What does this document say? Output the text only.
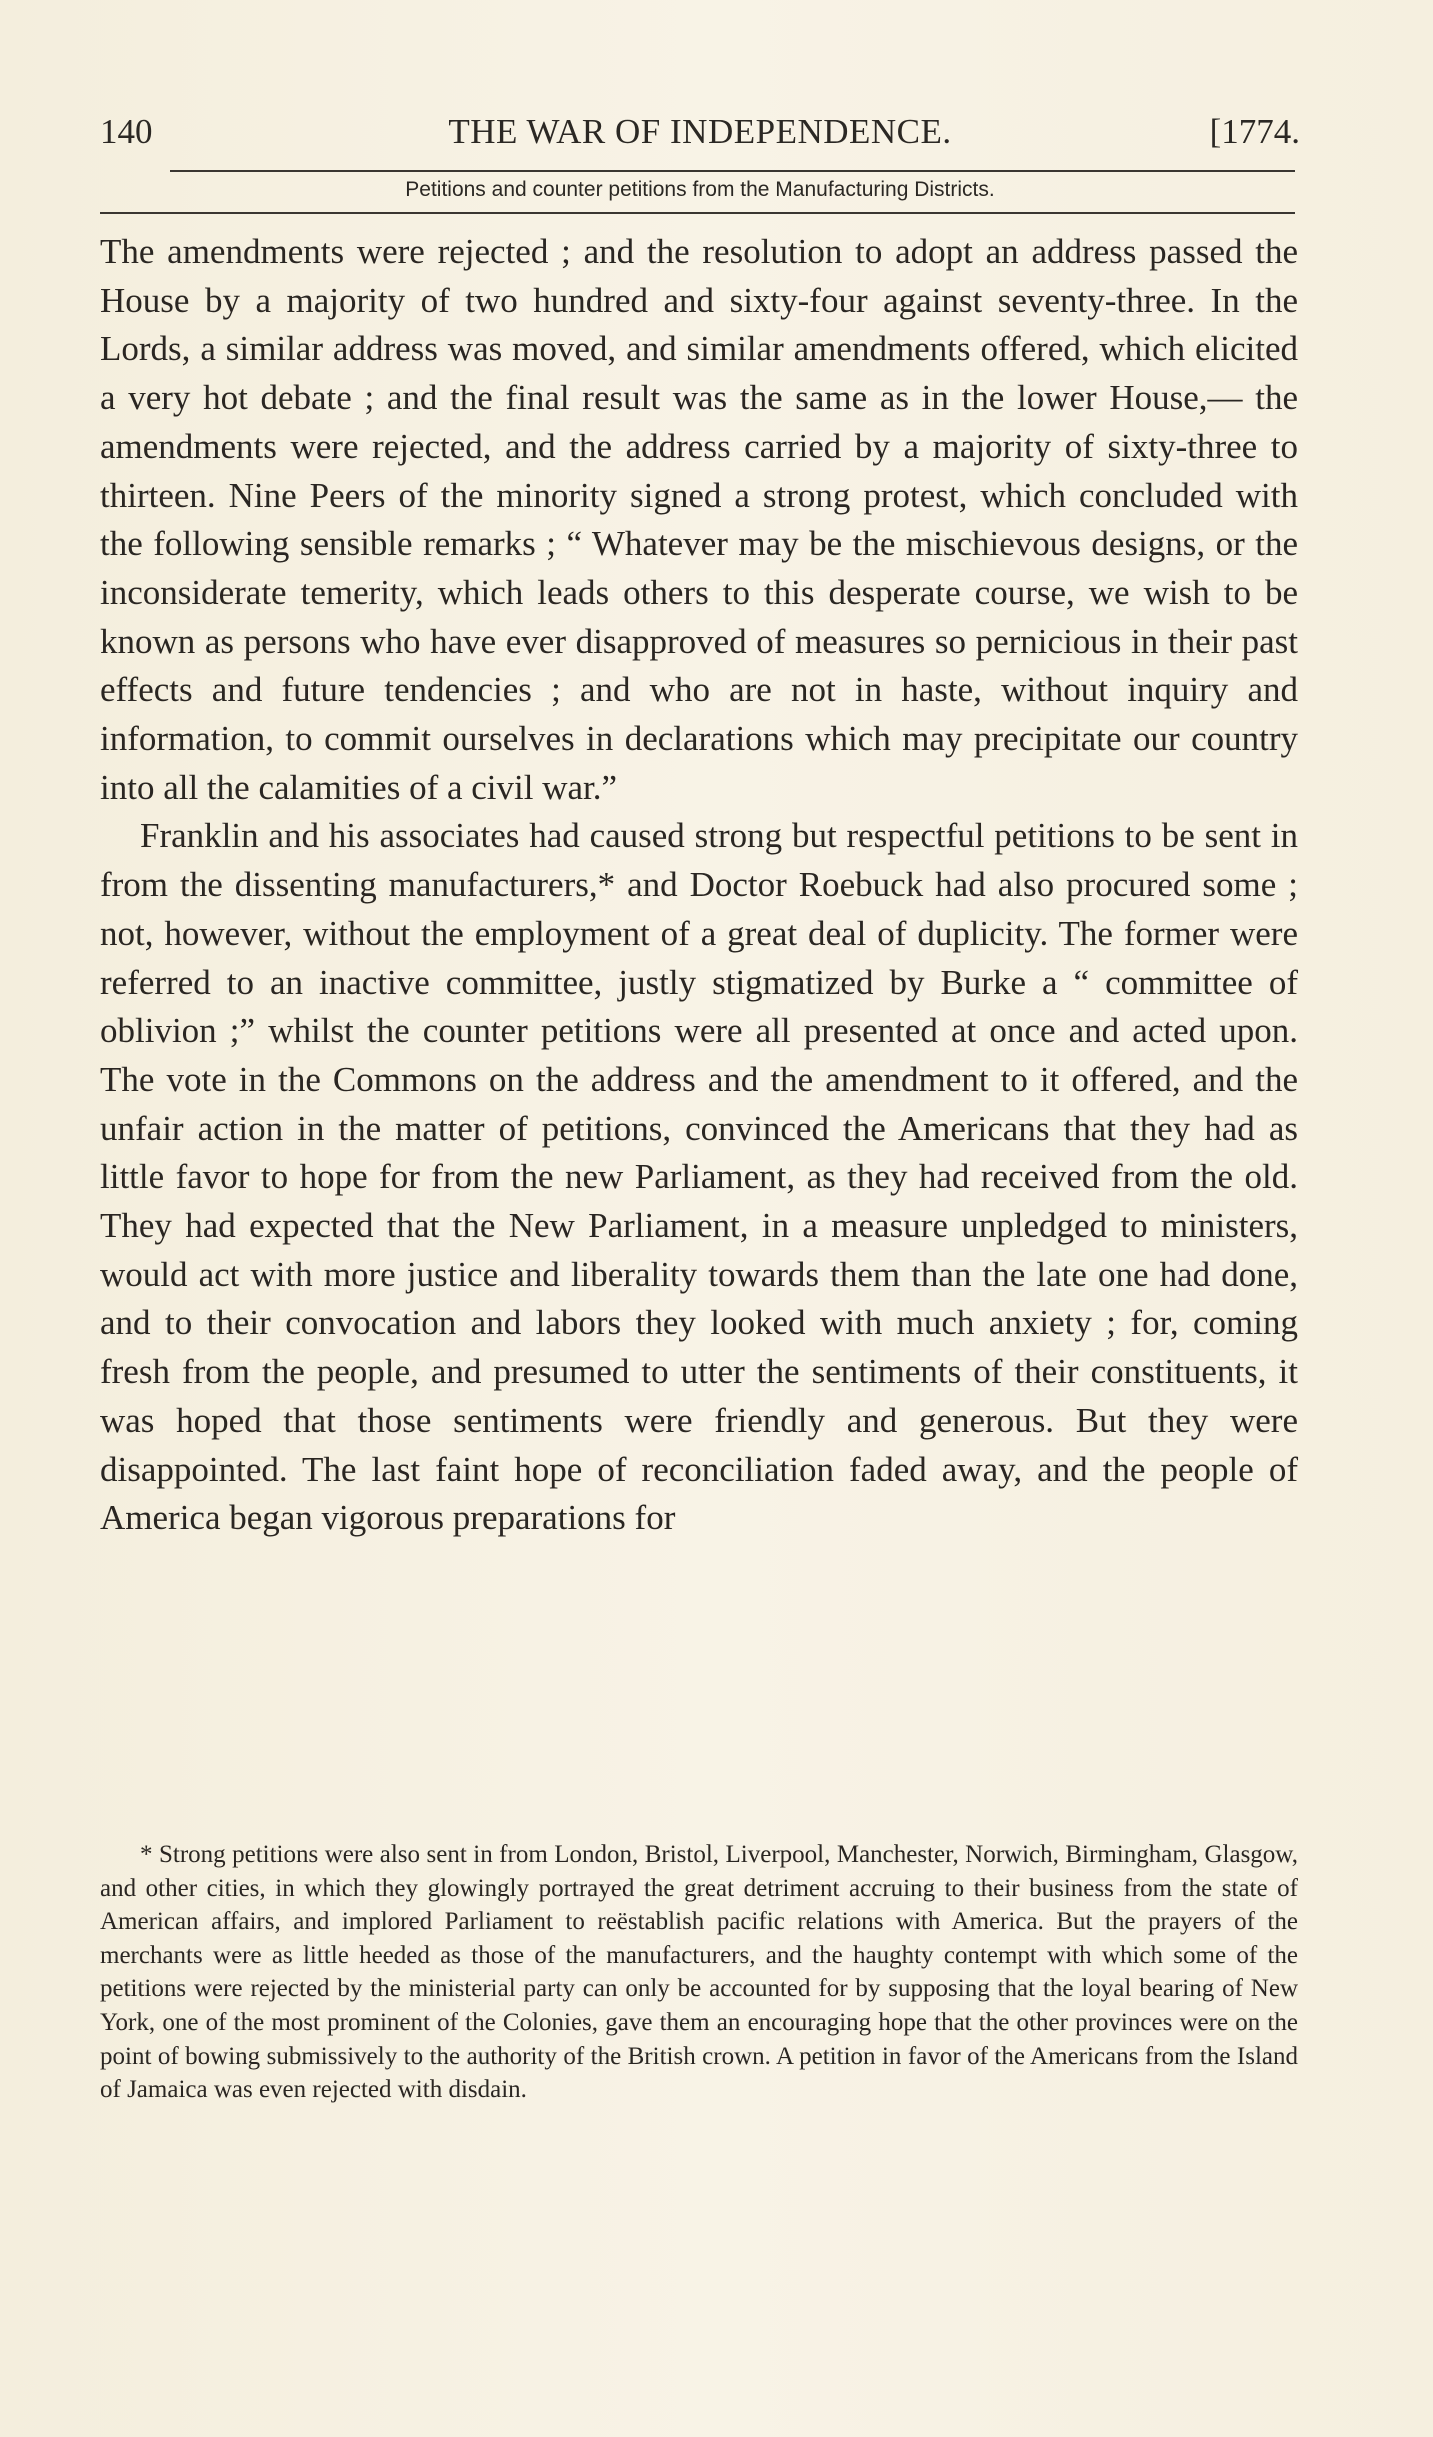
140	THE WAR OF INDEPENDENCE.	[1774.
Petitions and counter petitions from the Manufacturing Districts.

The amendments were rejected ; and the resolution to adopt an address passed the House by a majority of two hundred and sixty-four against seventy-three. In the Lords, a similar address was moved, and similar amendments offered, which elicited a very hot debate ; and the final result was the same as in the lower House,— the amendments were rejected, and the address carried by a majority of sixty-three to thirteen. Nine Peers of the minority signed a strong protest, which concluded with the following sensible remarks ; “ Whatever may be the mischievous designs, or the inconsiderate temerity, which leads others to this desperate course, we wish to be known as persons who have ever disapproved of measures so pernicious in their past effects and future tendencies ; and who are not in haste, without inquiry and information, to commit ourselves in declarations which may precipitate our country into all the calamities of a civil war.”

Franklin and his associates had caused strong but respectful petitions to be sent in from the dissenting manufacturers,* and Doctor Roebuck had also procured some ; not, however, without the employment of a great deal of duplicity. The former were referred to an inactive committee, justly stigmatized by Burke a “ committee of oblivion ;” whilst the counter petitions were all presented at once and acted upon. The vote in the Commons on the address and the amendment to it offered, and the unfair action in the matter of petitions, convinced the Americans that they had as little favor to hope for from the new Parliament, as they had received from the old. They had expected that the New Parliament, in a measure unpledged to ministers, would act with more justice and liberality towards them than the late one had done, and to their convocation and labors they looked with much anxiety ; for, coming fresh from the people, and presumed to utter the sentiments of their constituents, it was hoped that those sentiments were friendly and generous. But they were disappointed. The last faint hope of reconciliation faded away, and the people of America began vigorous preparations for

* Strong petitions were also sent in from London, Bristol, Liverpool, Manchester, Norwich, Birmingham, Glasgow, and other cities, in which they glowingly portrayed the great detriment accruing to their business from the state of American affairs, and implored Parliament to reëstablish pacific relations with America. But the prayers of the merchants were as little heeded as those of the manufacturers, and the haughty contempt with which some of the petitions were rejected by the ministerial party can only be accounted for by supposing that the loyal bearing of New York, one of the most prominent of the Colonies, gave them an encouraging hope that the other provinces were on the point of bowing submissively to the authority of the British crown. A petition in favor of the Americans from the Island of Jamaica was even rejected with disdain.
